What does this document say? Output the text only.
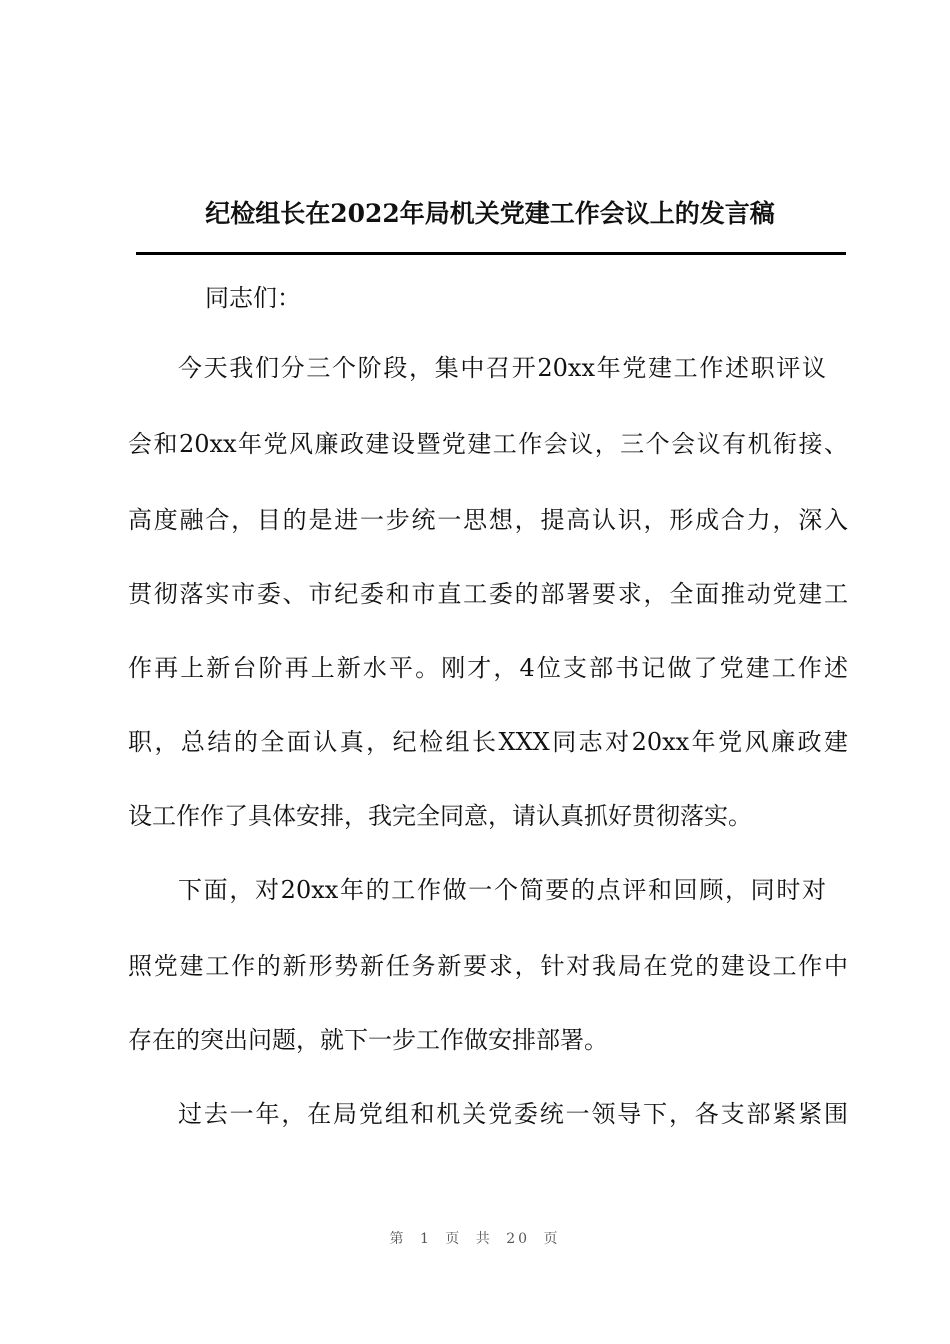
纪检组长在2022年局机关党建工作会议上的发言稿
同志们：
今天我们分三个阶段，集中召开20xx年党建工作述职评议
会和20xx年党风廉政建设暨党建工作会议，三个会议有机衔接、
高度融合，目的是进一步统一思想，提高认识，形成合力，深入
贯彻落实市委、市纪委和市直工委的部署要求，全面推动党建工
作再上新台阶再上新水平。刚才，4位支部书记做了党建工作述
职，总结的全面认真，纪检组长XXX同志对20xx年党风廉政建
设工作作了具体安排，我完全同意，请认真抓好贯彻落实。
下面，对20xx年的工作做一个简要的点评和回顾，同时对
照党建工作的新形势新任务新要求，针对我局在党的建设工作中
存在的突出问题，就下一步工作做安排部署。
过去一年，在局党组和机关党委统一领导下，各支部紧紧围
第 1 页 共 20 页
